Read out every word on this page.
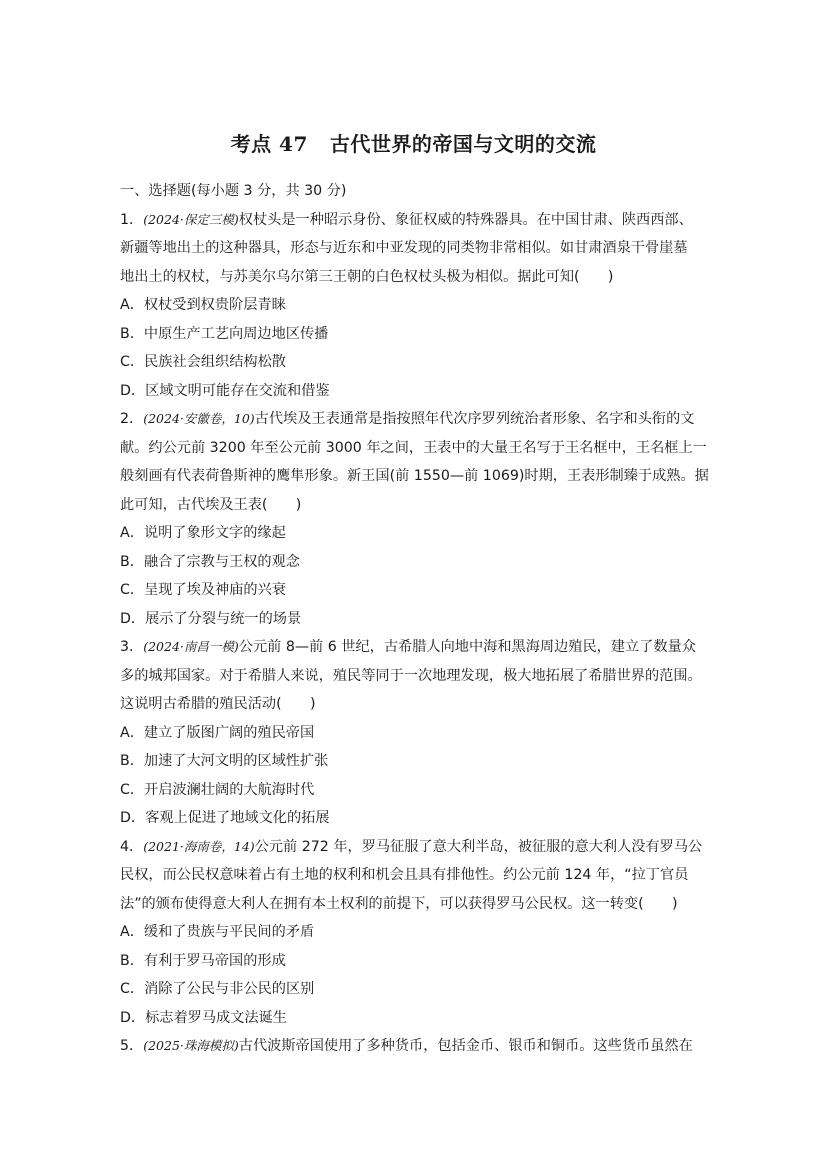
考点 47 古代世界的帝国与文明的交流
一、选择题(每小题 3 分，共 30 分)
1．(2024·保定三模)权杖头是一种昭示身份、象征权威的特殊器具。在中国甘肃、陕西西部、
新疆等地出土的这种器具，形态与近东和中亚发现的同类物非常相似。如甘肃酒泉干骨崖墓
地出土的权杖，与苏美尔乌尔第三王朝的白色权杖头极为相似。据此可知(　　)
A．权杖受到权贵阶层青睐
B．中原生产工艺向周边地区传播
C．民族社会组织结构松散
D．区域文明可能存在交流和借鉴
2．(2024·安徽卷，10)古代埃及王表通常是指按照年代次序罗列统治者形象、名字和头衔的文
献。约公元前 3200 年至公元前 3000 年之间，王表中的大量王名写于王名框中，王名框上一
般刻画有代表荷鲁斯神的鹰隼形象。新王国(前 1550—前 1069)时期，王表形制臻于成熟。据
此可知，古代埃及王表(　　)
A．说明了象形文字的缘起
B．融合了宗教与王权的观念
C．呈现了埃及神庙的兴衰
D．展示了分裂与统一的场景
3．(2024·南昌一模)公元前 8—前 6 世纪，古希腊人向地中海和黑海周边殖民，建立了数量众
多的城邦国家。对于希腊人来说，殖民等同于一次地理发现，极大地拓展了希腊世界的范围。
这说明古希腊的殖民活动(　　)
A．建立了版图广阔的殖民帝国
B．加速了大河文明的区域性扩张
C．开启波澜壮阔的大航海时代
D．客观上促进了地域文化的拓展
4．(2021·海南卷，14)公元前 272 年，罗马征服了意大利半岛，被征服的意大利人没有罗马公
民权，而公民权意味着占有土地的权利和机会且具有排他性。约公元前 124 年，“拉丁官员
法”的颁布使得意大利人在拥有本土权利的前提下，可以获得罗马公民权。这一转变(　　)
A．缓和了贵族与平民间的矛盾
B．有利于罗马帝国的形成
C．消除了公民与非公民的区别
D．标志着罗马成文法诞生
5．(2025·珠海模拟)古代波斯帝国使用了多种货币，包括金币、银币和铜币。这些货币虽然在
